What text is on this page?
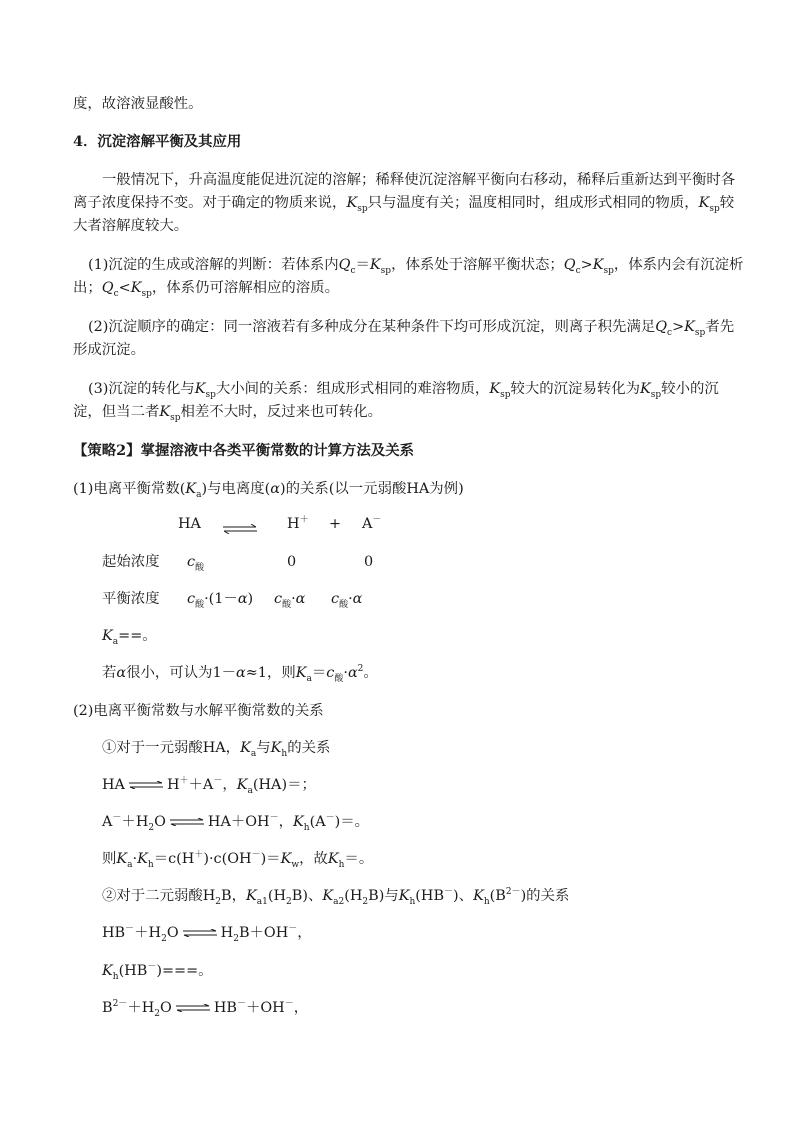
度，故溶液显酸性。
4．沉淀溶解平衡及其应用
一般情况下，升高温度能促进沉淀的溶解；稀释使沉淀溶解平衡向右移动，稀释后重新达到平衡时各
离子浓度保持不变。对于确定的物质来说，$K_{sp}$只与温度有关；温度相同时，组成形式相同的物质，$K_{sp}$较
大者溶解度较大。
(1)沉淀的生成或溶解的判断：若体系内$Q_c=K_{sp}$，体系处于溶解平衡状态；$Q_c>K_{sp}$，体系内会有沉淀析
出；$Q_c<K_{sp}$，体系仍可溶解相应的溶质。
(2)沉淀顺序的确定：同一溶液若有多种成分在某种条件下均可形成沉淀，则离子积先满足$Q_c>K_{sp}$者先
形成沉淀。
(3)沉淀的转化与$K_{sp}$大小间的关系：组成形式相同的难溶物质，$K_{sp}$较大的沉淀易转化为$K_{sp}$较小的沉
淀，但当二者$K_{sp}$相差不大时，反过来也可转化。
【策略2】掌握溶液中各类平衡常数的计算方法及关系
(1)电离平衡常数$(K_a)$与电离度(α)的关系(以一元弱酸HA为例)
HA ⇌ H＋ + A－
起始浓度 $c_酸$	0	0
平衡浓度 $c_酸\cdot(1-\alpha)$ $c_酸\cdot\alpha$ $c_酸\cdot\alpha$
$K_a==$。
若α很小，可认为1－α≈1，则$K_a=c_酸\cdot\alpha^2$。
(2)电离平衡常数与水解平衡常数的关系
①对于一元弱酸HA，$K_a$与$K_h$的关系
HA ⇌ H＋＋A－，$K_a(HA)=$；
$A^-+H_2O$ ⇌ HA＋OH－，$K_h(A^-)=$。
则$K_a\cdot K_h=c(H^+)\cdot c(OH^-)=K_w$，故$K_h=$。
②对于二元弱酸$H_2B$，$K_{a1}(H_2B)$、$K_{a2}(H_2B)$与$K_h(HB^-)$、$K_h(B^{2-})$的关系
$HB^-+H_2O$ ⇌ $H_2B+OH^-$，
$K_h(HB^-)===$。
$B^{2-}+H_2O$ ⇌ HB－＋OH－，
